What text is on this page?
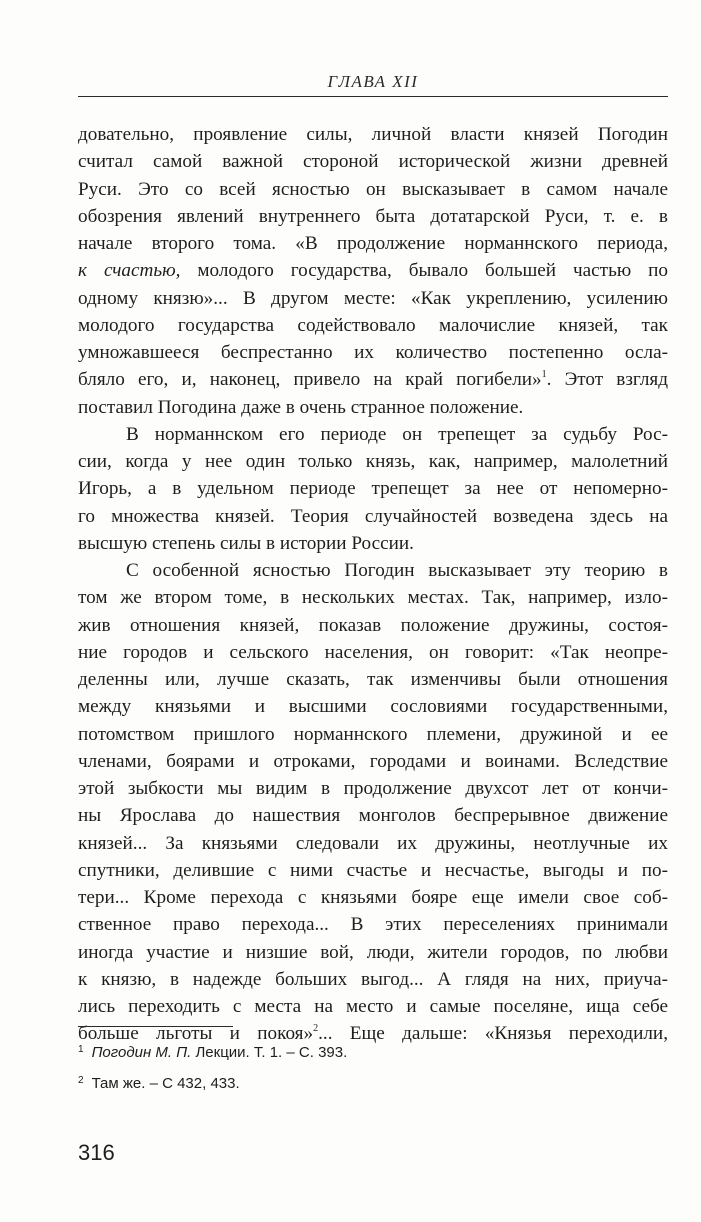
ГЛАВА XII
довательно, проявление силы, личной власти князей Погодин
считал самой важной стороной исторической жизни древней
Руси. Это со всей ясностью он высказывает в самом начале
обозрения явлений внутреннего быта дотатарской Руси, т. е. в
начале второго тома. «В продолжение норманнского периода,
к счастью, молодого государства, бывало большей частью по
одному князю»... В другом месте: «Как укреплению, усилению
молодого государства содействовало малочислие князей, так
умножавшееся беспрестанно их количество постепенно осла-
бляло его, и, наконец, привело на край погибели»$^1$. Этот взгляд
поставил Погодина даже в очень странное положение.
В норманнском его периоде он трепещет за судьбу Рос-
сии, когда у нее один только князь, как, например, малолетний
Игорь, а в удельном периоде трепещет за нее от непомерно-
го множества князей. Теория случайностей возведена здесь на
высшую степень силы в истории России.
С особенной ясностью Погодин высказывает эту теорию в
том же втором томе, в нескольких местах. Так, например, изло-
жив отношения князей, показав положение дружины, состоя-
ние городов и сельского населения, он говорит: «Так неопре-
деленны или, лучше сказать, так изменчивы были отношения
между князьями и высшими сословиями государственными,
потомством пришлого норманнского племени, дружиной и ее
членами, боярами и отроками, городами и воинами. Вследствие
этой зыбкости мы видим в продолжение двухсот лет от кончи-
ны Ярослава до нашествия монголов беспрерывное движение
князей... За князьями следовали их дружины, неотлучные их
спутники, делившие с ними счастье и несчастье, выгоды и по-
тери... Кроме перехода с князьями бояре еще имели свое соб-
ственное право перехода... В этих переселениях принимали
иногда участие и низшие вой, люди, жители городов, по любви
к князю, в надежде больших выгод... А глядя на них, приуча-
лись переходить с места на место и самые поселяне, ища себе
больше льготы и покоя»$^2$... Еще дальше: «Князья переходили,
$^1$ Погодин М. П. Лекции. Т. 1. – С. 393.
$^2$ Там же. – С 432, 433.
316
